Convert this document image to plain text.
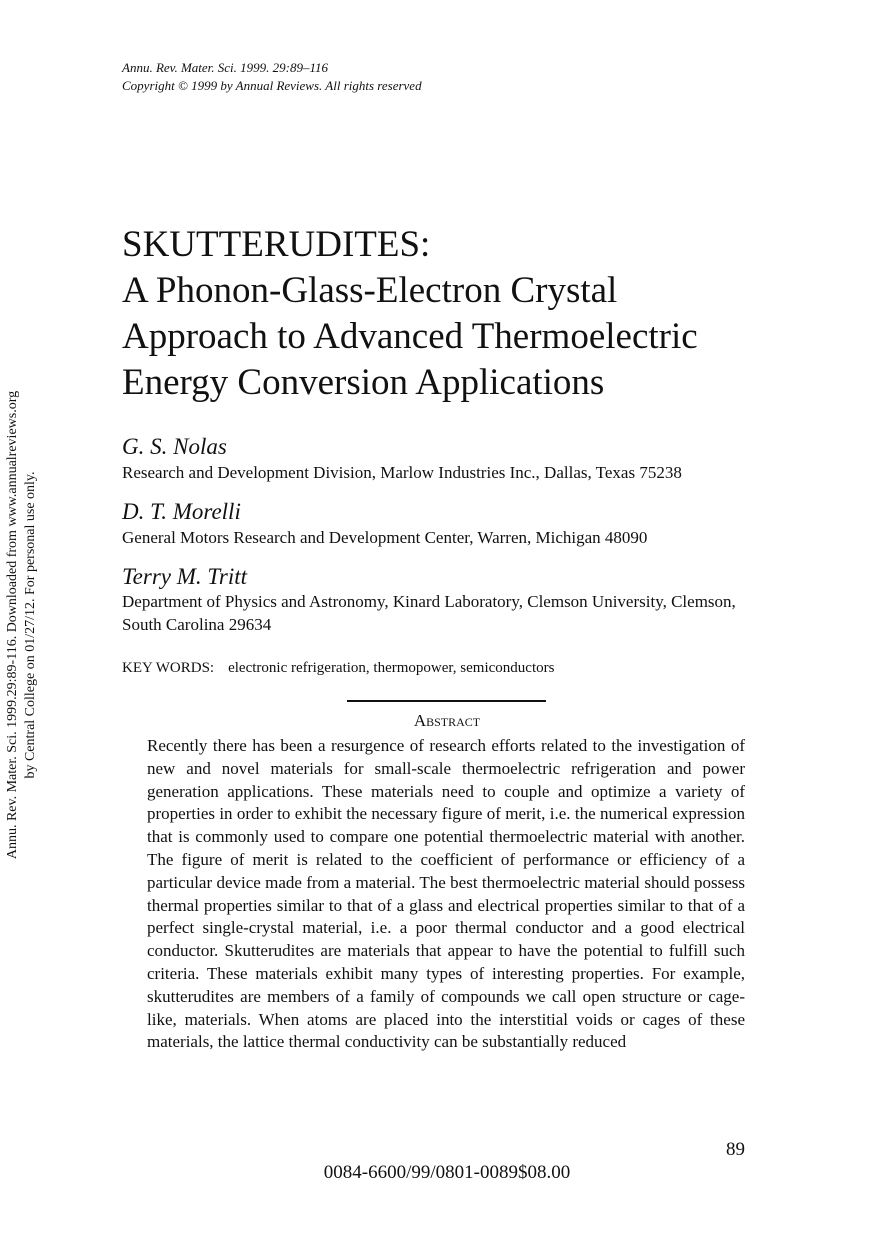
Annu. Rev. Mater. Sci. 1999. 29:89–116
Copyright © 1999 by Annual Reviews. All rights reserved
SKUTTERUDITES:
A Phonon-Glass-Electron Crystal
Approach to Advanced Thermoelectric
Energy Conversion Applications
G. S. Nolas
Research and Development Division, Marlow Industries Inc., Dallas, Texas 75238
D. T. Morelli
General Motors Research and Development Center, Warren, Michigan 48090
Terry M. Tritt
Department of Physics and Astronomy, Kinard Laboratory, Clemson University, Clemson, South Carolina 29634
KEY WORDS: electronic refrigeration, thermopower, semiconductors
Abstract

Recently there has been a resurgence of research efforts related to the investigation of new and novel materials for small-scale thermoelectric refrigeration and power generation applications. These materials need to couple and optimize a variety of properties in order to exhibit the necessary figure of merit, i.e. the numerical expression that is commonly used to compare one potential thermoelectric material with another. The figure of merit is related to the coefficient of performance or efficiency of a particular device made from a material. The best thermoelectric material should possess thermal properties similar to that of a glass and electrical properties similar to that of a perfect single-crystal material, i.e. a poor thermal conductor and a good electrical conductor. Skutterudites are materials that appear to have the potential to fulfill such criteria. These materials exhibit many types of interesting properties. For example, skutterudites are members of a family of compounds we call open structure or cage-like, materials. When atoms are placed into the interstitial voids or cages of these materials, the lattice thermal conductivity can be substantially reduced

Annu. Rev. Mater. Sci. 1999.29:89-116. Downloaded from www.annualreviews.org by Central College on 01/27/12. For personal use only.
89
0084-6600/99/0801-0089$08.00
